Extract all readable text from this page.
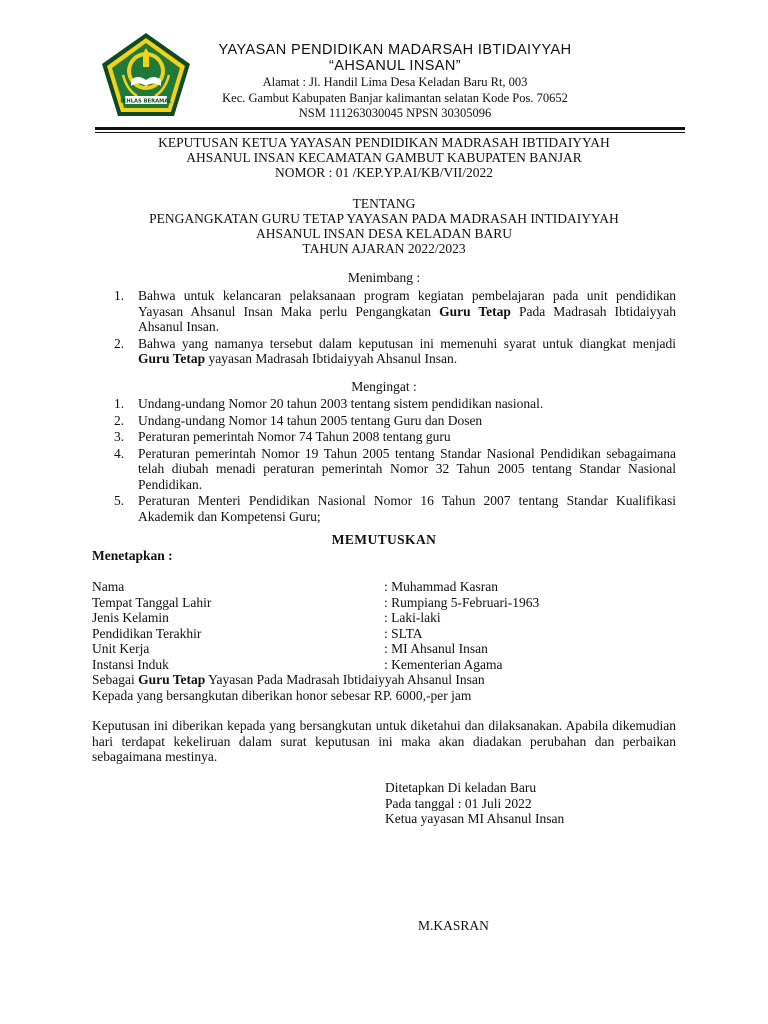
IKHLAS BERAMAL
YAYASAN PENDIDIKAN MADARSAH IBTIDAIYYAH
“AHSANUL INSAN”
Alamat : Jl. Handil Lima Desa Keladan Baru Rt, 003
Kec. Gambut Kabupaten Banjar kalimantan selatan Kode Pos. 70652
NSM 111263030045 NPSN 30305096
KEPUTUSAN KETUA YAYASAN PENDIDIKAN MADRASAH IBTIDAIYYAH
AHSANUL INSAN KECAMATAN GAMBUT KABUPATEN BANJAR
NOMOR : 01 /KEP.YP.AI/KB/VII/2022
TENTANG
PENGANGKATAN GURU TETAP YAYASAN PADA MADRASAH INTIDAIYYAH
AHSANUL INSAN DESA KELADAN BARU
TAHUN AJARAN 2022/2023
Menimbang :
1. Bahwa untuk kelancaran pelaksanaan program kegiatan pembelajaran pada unit pendidikan Yayasan Ahsanul Insan Maka perlu Pengangkatan Guru Tetap Pada Madrasah Ibtidaiyyah Ahsanul Insan.
2. Bahwa yang namanya tersebut dalam keputusan ini memenuhi syarat untuk diangkat menjadi Guru Tetap yayasan Madrasah Ibtidaiyyah Ahsanul Insan.
Mengingat :
1. Undang-undang Nomor 20 tahun 2003 tentang sistem pendidikan nasional.
2. Undang-undang Nomor 14 tahun 2005 tentang Guru dan Dosen
3. Peraturan pemerintah Nomor 74 Tahun 2008 tentang guru
4. Peraturan pemerintah Nomor 19 Tahun 2005 tentang Standar Nasional Pendidikan sebagaimana telah diubah menadi peraturan pemerintah Nomor 32 Tahun 2005 tentang Standar Nasional Pendidikan.
5. Peraturan Menteri Pendidikan Nasional Nomor 16 Tahun 2007 tentang Standar Kualifikasi Akademik dan Kompetensi Guru;
MEMUTUSKAN
Menetapkan :
Nama	: Muhammad Kasran
Tempat Tanggal Lahir	: Rumpiang 5-Februari-1963
Jenis Kelamin	: Laki-laki
Pendidikan Terakhir	: SLTA
Unit Kerja	: MI Ahsanul Insan
Instansi Induk	: Kementerian Agama
Sebagai Guru Tetap Yayasan Pada Madrasah Ibtidaiyyah Ahsanul Insan
Kepada yang bersangkutan diberikan honor sebesar RP. 6000,-per jam
Keputusan ini diberikan kepada yang bersangkutan untuk diketahui dan dilaksanakan. Apabila dikemudian hari terdapat kekeliruan dalam surat keputusan ini maka akan diadakan perubahan dan perbaikan sebagaimana mestinya.
Ditetapkan Di keladan Baru
Pada tanggal : 01 Juli 2022
Ketua yayasan MI Ahsanul Insan
M.KASRAN
